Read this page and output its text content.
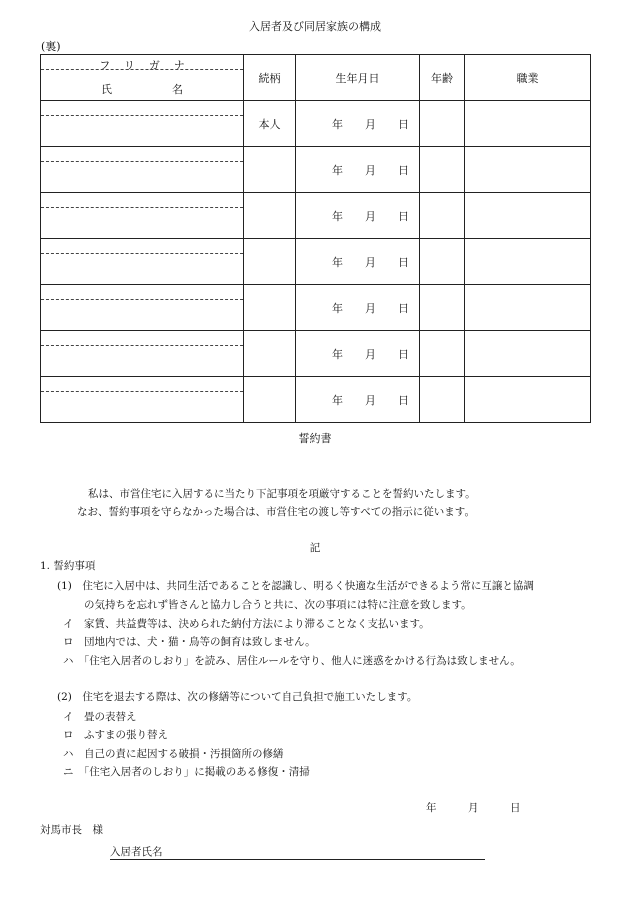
入居者及び同居家族の構成
(裏)
フリガナ
氏名	続柄	生年月日	年齢	職業

	本人	年　　月　　日		

		年　　月　　日		

		年　　月　　日		

		年　　月　　日		

		年　　月　　日		

		年　　月　　日		

		年　　月　　日		
誓約書
私は、市営住宅に入居するに当たり下記事項を項厳守することを誓約いたします。
なお、誓約事項を守らなかった場合は、市営住宅の渡し等すべての指示に従います。
記
1. 誓約事項
(1)　住宅に入居中は、共同生活であることを認識し、明るく快適な生活ができるよう常に互譲と協調
の気持ちを忘れず皆さんと協力し合うと共に、次の事項には特に注意を致します。
イ　家賃、共益費等は、決められた納付方法により滞ることなく支払います。
ロ　団地内では、犬・猫・鳥等の飼育は致しません。
ハ　「住宅入居者のしおり」を読み、居住ルールを守り、他人に迷惑をかける行為は致しません。
(2)　住宅を退去する際は、次の修繕等について自己負担で施工いたします。
イ　畳の表替え
ロ　ふすまの張り替え
ハ　自己の責に起因する破損・汚損箇所の修繕
ニ　「住宅入居者のしおり」に掲載のある修復・清掃
年　　　月　　　日
対馬市長　様
入居者氏名
